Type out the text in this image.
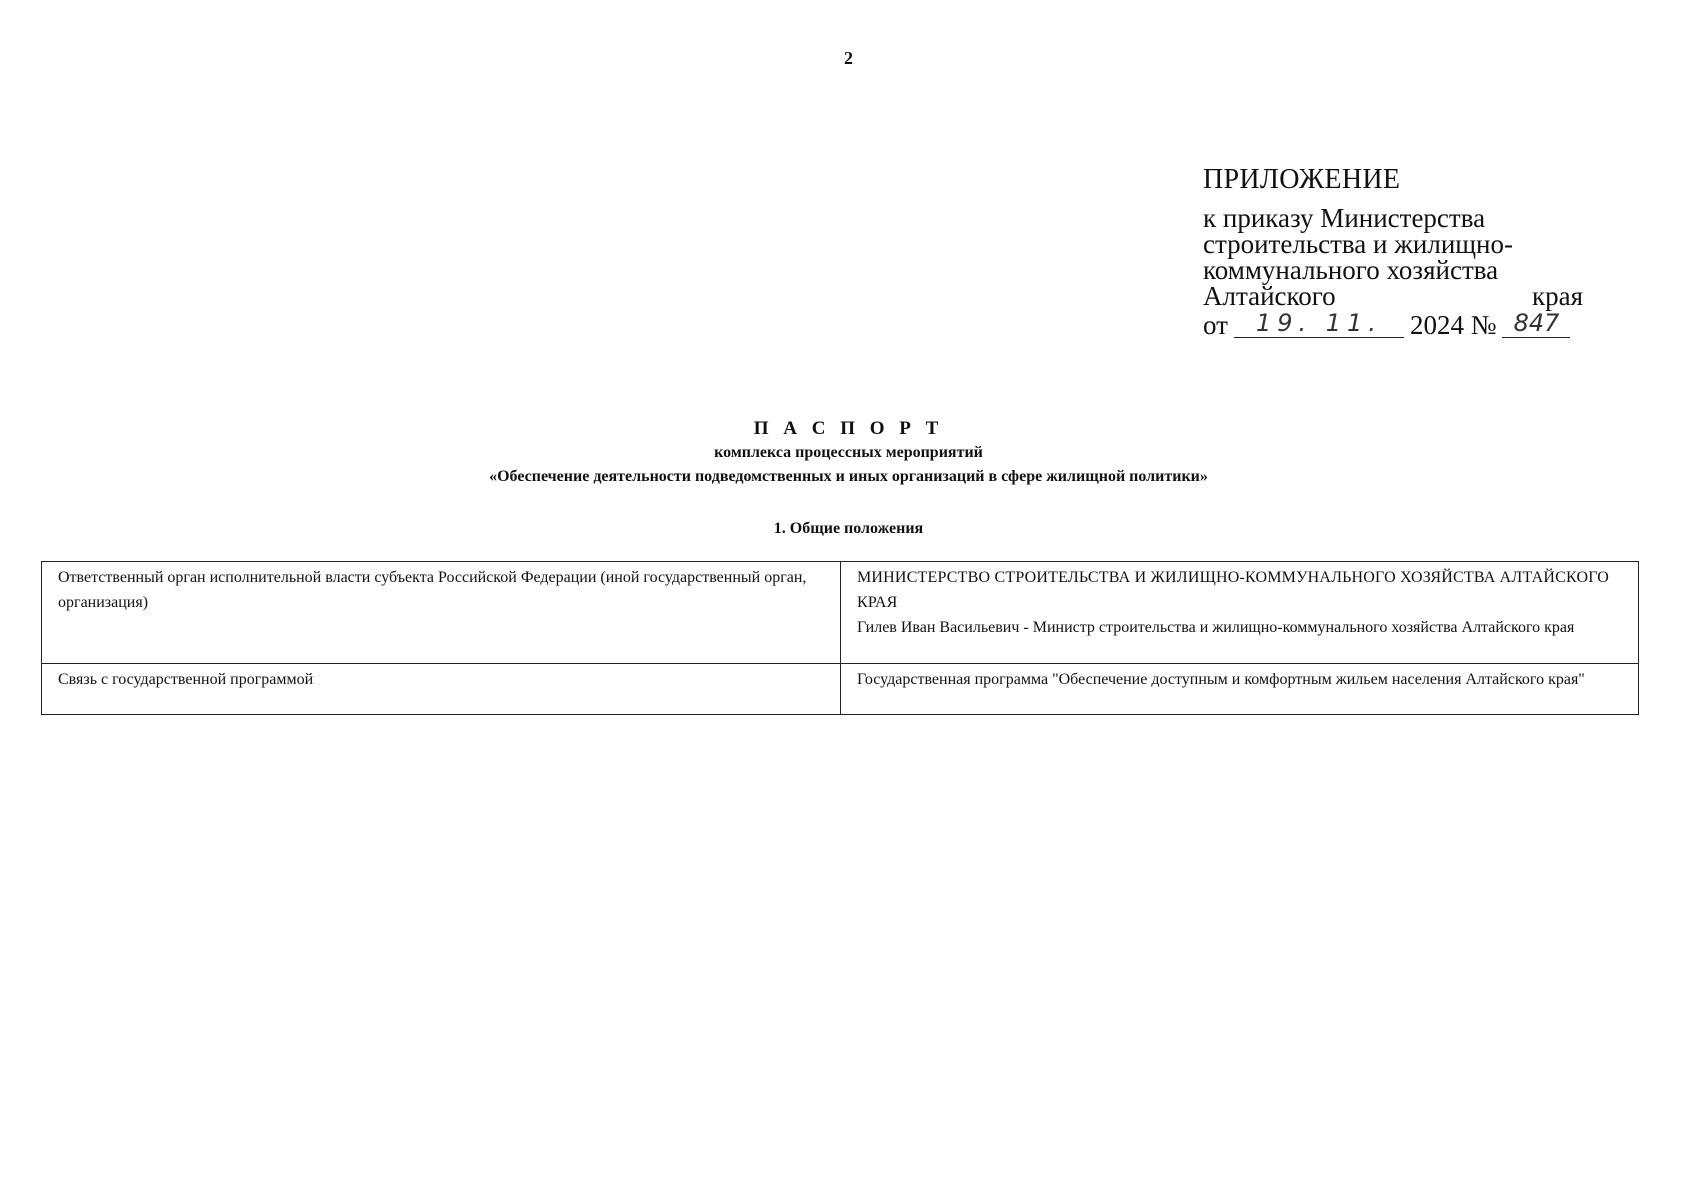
2
ПРИЛОЖЕНИЕ
к приказу Министерства
строительства и жилищно-
коммунального хозяйства
Алтайского	края
от	19. 11.	2024 № 847
П А С П О Р Т
комплекса процессных мероприятий
«Обеспечение деятельности подведомственных и иных организаций в сфере жилищной политики»
1. Общие положения
Ответственный орган исполнительной власти субъекта Российской Федерации (иной государственный орган, организация)	МИНИСТЕРСТВО СТРОИТЕЛЬСТВА И ЖИЛИЩНО-КОММУНАЛЬНОГО ХОЗЯЙСТВА АЛТАЙСКОГО КРАЯ
Гилев Иван Васильевич - Министр строительства и жилищно-коммунального хозяйства Алтайского края

Связь с государственной программой	Государственная программа "Обеспечение доступным и комфортным жильем населения Алтайского края"
